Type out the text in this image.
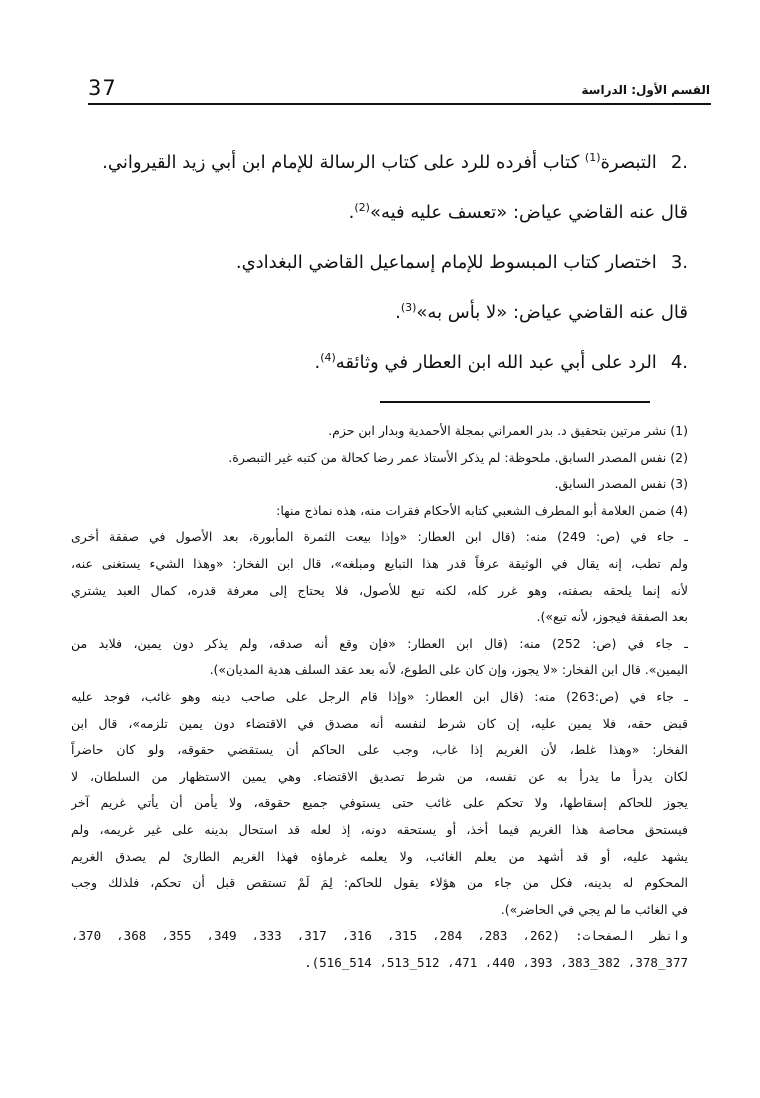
37	القسم الأول: الدراسة
.2التبصرة$^{(1)}$ كتاب أفرده للرد على كتاب الرسالة للإمام ابن أبي زيد القيرواني.
قال عنه القاضي عياض: «تعسف عليه فيه»$^{(2)}$.
.3اختصار كتاب المبسوط للإمام إسماعيل القاضي البغدادي.
قال عنه القاضي عياض: «لا بأس به»$^{(3)}$.
.4الرد على أبي عبد الله ابن العطار في وثائقه$^{(4)}$.
(1) نشر مرتين بتحقيق د. بدر العمراني بمجلة الأحمدية وبدار ابن حزم.
(2) نفس المصدر السابق. ملحوظة: لم يذكر الأستاذ عمر رضا كحالة من كتبه غير التبصرة.
(3) نفس المصدر السابق.
(4) ضمن العلامة أبو المطرف الشعبي كتابه الأحكام فقرات منه، هذه نماذج منها:
ـ جاء في (ص: 249) منه: (قال ابن العطار: «وإذا بيعت الثمرة المأبورة، بعد الأصول في صفقة أخرى
ولم تطب، إنه يقال في الوثيقة عرفاً قدر هذا التبايع ومبلغه»، قال ابن الفخار: «وهذا الشيء يستغنى عنه،
لأنه إنما يلحقه بصفته، وهو غرر كله، لكنه تبع للأصول، فلا يحتاج إلى معرفة قدره، كمال العبد يشتري
بعد الصفقة فيجوز، لأنه تبع»).
ـ جاء في (ص: 252) منه: (قال ابن العطار: «فإن وقع أنه صدقه، ولم يذكر دون يمين، فلابد من
اليمين». قال ابن الفخار: «لا يجوز، وإن كان على الطوع، لأنه بعد عقد السلف هدية المديان»).
ـ جاء في (ص:263) منه: (قال ابن العطار: «وإذا قام الرجل على صاحب دينه وهو غائب، فوجد عليه
قبض حقه، فلا يمين عليه، إن كان شرط لنفسه أنه مصدق في الاقتضاء دون يمين تلزمه»، قال ابن
الفخار: «وهذا غلط، لأن الغريم إذا غاب، وجب على الحاكم أن يستقضي حقوقه، ولو كان حاضراً
لكان يدرأ ما يدرأ به عن نفسه، من شرط تصديق الاقتضاء. وهي يمين الاستظهار من السلطان، لا
يجوز للحاكم إسقاطها، ولا تحكم على غائب حتى يستوفي جميع حقوقه، ولا يأمن أن يأتي غريم آخر
فيستحق محاصة هذا الغريم فيما أخذ، أو يستحقه دونه، إذ لعله قد استحال بدينه على غير غريمه، ولم
يشهد عليه، أو قد أشهد من يعلم الغائب، ولا يعلمه غرماؤه فهذا الغريم الطارئ لم يصدق الغريم
المحكوم له بدينه، فكل من جاء من هؤلاء يقول للحاكم: لِمَ لَمْ تستقص قبل أن تحكم، فلذلك وجب
في الغائب ما لم يجي في الحاضر»).
وانظر الصفحات: (262، 283، 284، 315، 316، 317، 333، 349، 355، 368، 370،
377_378، 382_383، 393، 440، 471، 512_513، 514_516).
